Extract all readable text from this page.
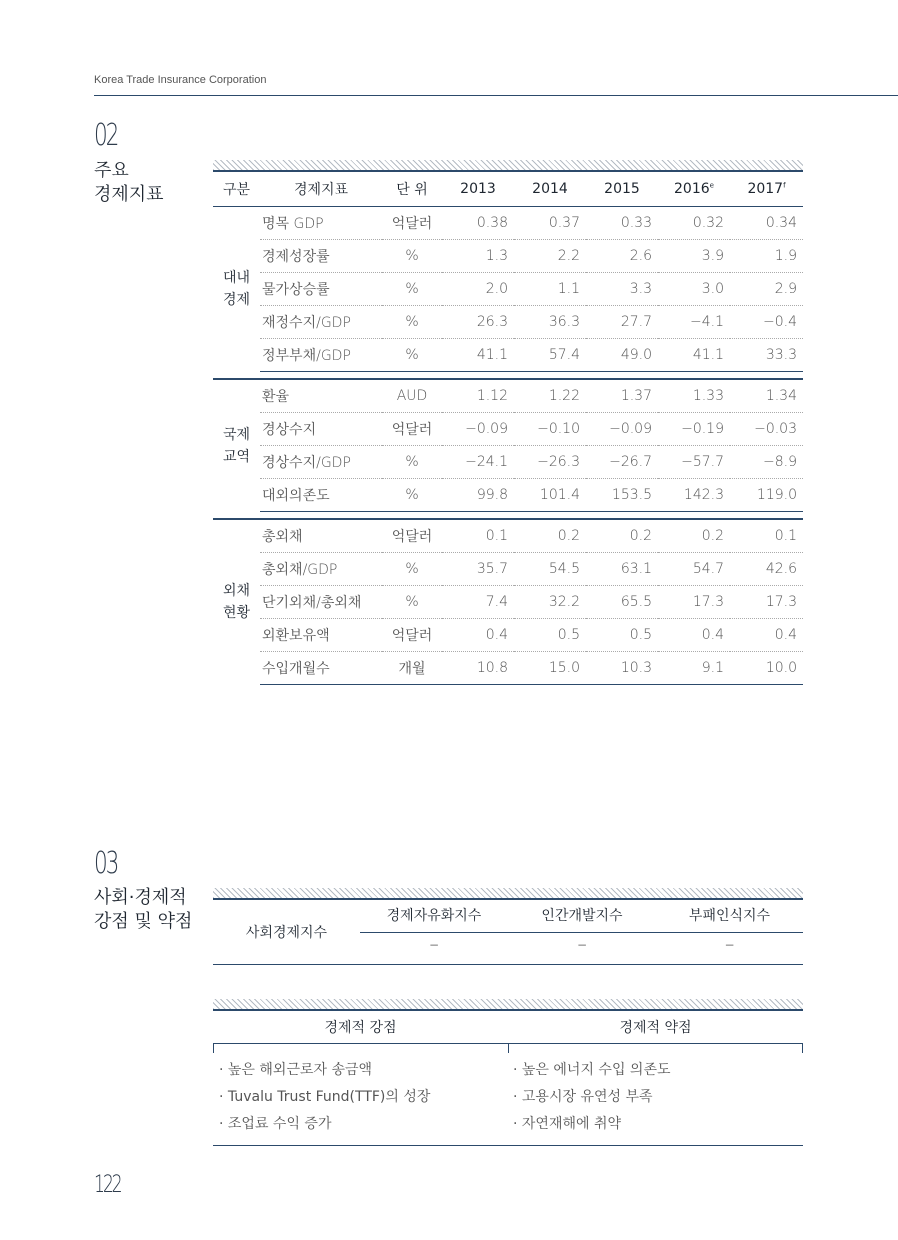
Korea Trade Insurance Corporation
02
주요
경제지표	구분	경제지표	단 위	2013	2014	2015	2016e	2017$^f$

대내
경제	명목 GDP	억달러	0.38	0.37	0.33	0.32	0.34
	경제성장률	%	1.3	2.2	2.6	3.9	1.9
	물가상승률	%	2.0	1.1	3.3	3.0	2.9
	재정수지/GDP	%	26.3	36.3	27.7	−4.1	−0.4
	정부부채/GDP	%	41.1	57.4	49.0	41.1	33.3

국제
교역	환율	AUD	1.12	1.22	1.37	1.33	1.34
	경상수지	억달러	−0.09	−0.10	−0.09	−0.19	−0.03
	경상수지/GDP	%	−24.1	−26.3	−26.7	−57.7	−8.9
	대외의존도	%	99.8	101.4	153.5	142.3	119.0

외채
현황	총외채	억달러	0.1	0.2	0.2	0.2	0.1
	총외채/GDP	%	35.7	54.5	63.1	54.7	42.6
	단기외채/총외채	%	7.4	32.2	65.5	17.3	17.3
	외환보유액	억달러	0.4	0.5	0.5	0.4	0.4
	수입개월수	개월	10.8	15.0	10.3	9.1	10.0
03
사회·경제적
강점 및 약점
사회경제지수
경제자유화지수	인간개발지수	부패인식지수
−	−	−
경제적 강점	경제적 약점
· 높은 해외근로자 송금액
· Tuvalu Trust Fund(TTF)의 성장
· 조업료 수익 증가
· 높은 에너지 수입 의존도
· 고용시장 유연성 부족
· 자연재해에 취약
122
